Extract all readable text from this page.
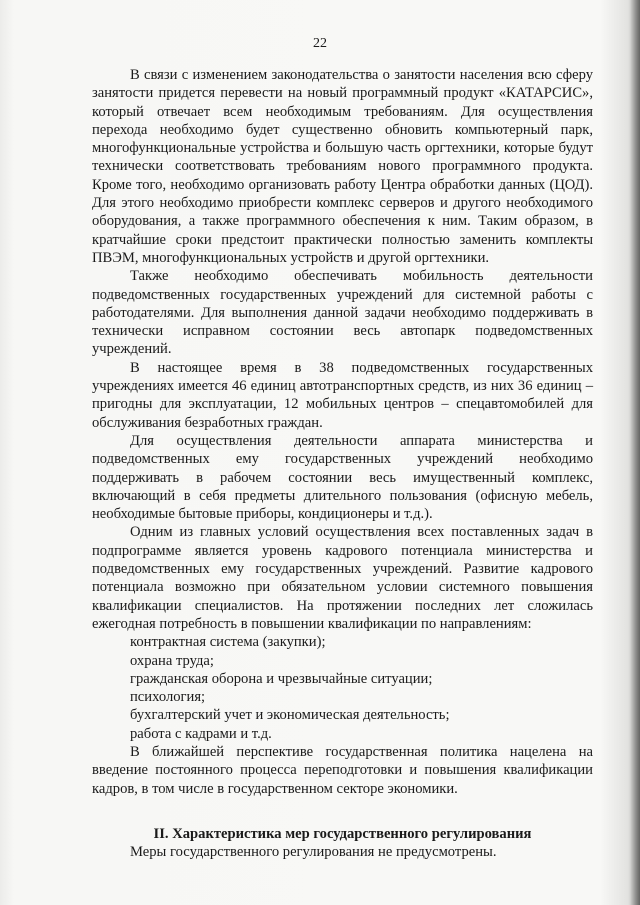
22

В связи с изменением законодательства о занятости населения всю сферу занятости придется перевести на новый программный продукт «КАТАРСИС», который отвечает всем необходимым требованиям. Для осуществления перехода необходимо будет существенно обновить компьютерный парк, многофункциональные устройства и большую часть оргтехники, которые будут технически соответствовать требованиям нового программного продукта. Кроме того, необходимо организовать работу Центра обработки данных (ЦОД). Для этого необходимо приобрести комплекс серверов и другого необходимого оборудования, а также программного обеспечения к ним. Таким образом, в кратчайшие сроки предстоит практически полностью заменить комплекты ПВЭМ, многофункциональных устройств и другой оргтехники.

Также необходимо обеспечивать мобильность деятельности подведомственных государственных учреждений для системной работы с работодателями. Для выполнения данной задачи необходимо поддерживать в технически исправном состоянии весь автопарк подведомственных учреждений.

В настоящее время в 38 подведомственных государственных учреждениях имеется 46 единиц автотранспортных средств, из них 36 единиц – пригодны для эксплуатации, 12 мобильных центров – спецавтомобилей для обслуживания безработных граждан.

Для осуществления деятельности аппарата министерства и подведомственных ему государственных учреждений необходимо поддерживать в рабочем состоянии весь имущественный комплекс, включающий в себя предметы длительного пользования (офисную мебель, необходимые бытовые приборы, кондиционеры и т.д.).

Одним из главных условий осуществления всех поставленных задач в подпрограмме является уровень кадрового потенциала министерства и подведомственных ему государственных учреждений. Развитие кадрового потенциала возможно при обязательном условии системного повышения квалификации специалистов. На протяжении последних лет сложилась ежегодная потребность в повышении квалификации по направлениям:

контрактная система (закупки);
охрана труда;
гражданская оборона и чрезвычайные ситуации;
психология;
бухгалтерский учет и экономическая деятельность;
работа с кадрами и т.д.

В ближайшей перспективе государственная политика нацелена на введение постоянного процесса переподготовки и повышения квалификации кадров, в том числе в государственном секторе экономики.

II. Характеристика мер государственного регулирования

Меры государственного регулирования не предусмотрены.
